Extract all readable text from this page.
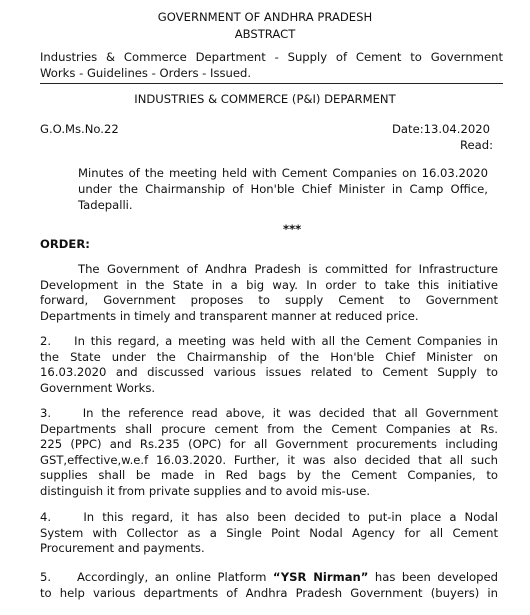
GOVERNMENT OF ANDHRA PRADESH
ABSTRACT
Industries & Commerce Department - Supply of Cement to Government
Works - Guidelines - Orders - Issued.
INDUSTRIES & COMMERCE (P&I) DEPARMENT
G.O.Ms.No.22	Date:13.04.2020
Read:
Minutes of the meeting held with Cement Companies on 16.03.2020
under the Chairmanship of Hon'ble Chief Minister in Camp Office,
Tadepalli.
***
ORDER:
The Government of Andhra Pradesh is committed for Infrastructure
Development in the State in a big way. In order to take this initiative
forward, Government proposes to supply Cement to Government
Departments in timely and transparent manner at reduced price.
2.    In this regard, a meeting was held with all the Cement Companies in
the State under the Chairmanship of the Hon'ble Chief Minister on
16.03.2020 and discussed various issues related to Cement Supply to
Government Works.
3.    In the reference read above, it was decided that all Government
Departments shall procure cement from the Cement Companies at Rs.
225 (PPC) and Rs.235 (OPC) for all Government procurements including
GST,effective,w.e.f 16.03.2020. Further, it was also decided that all such
supplies shall be made in Red bags by the Cement Companies, to
distinguish it from private supplies and to avoid mis-use.
4.    In this regard, it has also been decided to put-in place a Nodal
System with Collector as a Single Point Nodal Agency for all Cement
Procurement and payments.
5.    Accordingly, an online Platform “YSR Nirman” has been developed
to help various departments of Andhra Pradesh Government (buyers) in
